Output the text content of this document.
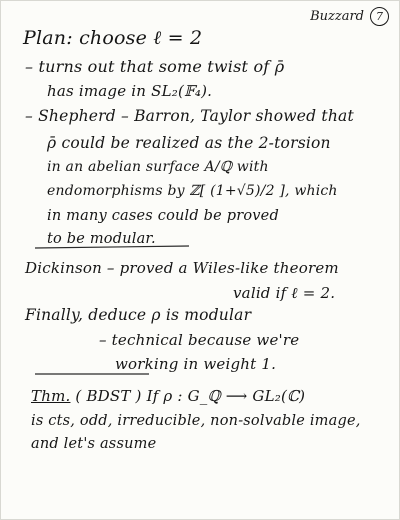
Buzzard	7
Plan: choose ℓ = 2
– turns out that some twist of ρ̄
has image in SL₂(𝔽₄).
– Shepherd – Barron, Taylor showed that
ρ̄ could be realized as the 2-torsion
in an abelian surface A/ℚ with
endomorphisms by ℤ[ (1+√5)/2 ], which
in many cases could be proved
to be modular.
Dickinson – proved a Wiles-like theorem
valid if ℓ = 2.
Finally, deduce ρ is modular
– technical because we're
working in weight 1.
Thm. ( BDST ) If ρ : G_ℚ ⟶ GL₂(ℂ)
is cts, odd, irreducible, non-solvable image,
and let's assume
